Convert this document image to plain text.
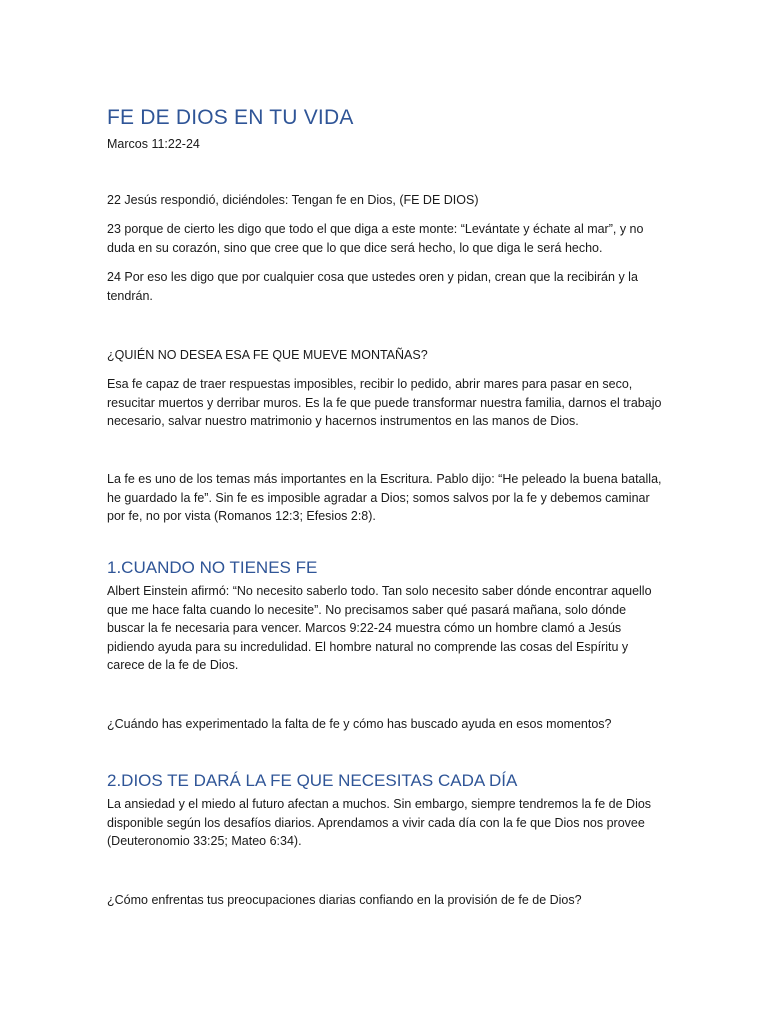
FE DE DIOS EN TU VIDA
Marcos 11:22-24

22 Jesús respondió, diciéndoles: Tengan fe en Dios, (FE DE DIOS)

23 porque de cierto les digo que todo el que diga a este monte: “Levántate y échate al mar”, y no duda en su corazón, sino que cree que lo que dice será hecho, lo que diga le será hecho.

24 Por eso les digo que por cualquier cosa que ustedes oren y pidan, crean que la recibirán y la tendrán.

¿QUIÉN NO DESEA ESA FE QUE MUEVE MONTAÑAS?

Esa fe capaz de traer respuestas imposibles, recibir lo pedido, abrir mares para pasar en seco, resucitar muertos y derribar muros. Es la fe que puede transformar nuestra familia, darnos el trabajo necesario, salvar nuestro matrimonio y hacernos instrumentos en las manos de Dios.

La fe es uno de los temas más importantes en la Escritura. Pablo dijo: “He peleado la buena batalla, he guardado la fe”. Sin fe es imposible agradar a Dios; somos salvos por la fe y debemos caminar por fe, no por vista (Romanos 12:3; Efesios 2:8).

1.CUANDO NO TIENES FE

Albert Einstein afirmó: “No necesito saberlo todo. Tan solo necesito saber dónde encontrar aquello que me hace falta cuando lo necesite”. No precisamos saber qué pasará mañana, solo dónde buscar la fe necesaria para vencer. Marcos 9:22-24 muestra cómo un hombre clamó a Jesús pidiendo ayuda para su incredulidad. El hombre natural no comprende las cosas del Espíritu y carece de la fe de Dios.

¿Cuándo has experimentado la falta de fe y cómo has buscado ayuda en esos momentos?

2.DIOS TE DARÁ LA FE QUE NECESITAS CADA DÍA

La ansiedad y el miedo al futuro afectan a muchos. Sin embargo, siempre tendremos la fe de Dios disponible según los desafíos diarios. Aprendamos a vivir cada día con la fe que Dios nos provee (Deuteronomio 33:25; Mateo 6:34).

¿Cómo enfrentas tus preocupaciones diarias confiando en la provisión de fe de Dios?
